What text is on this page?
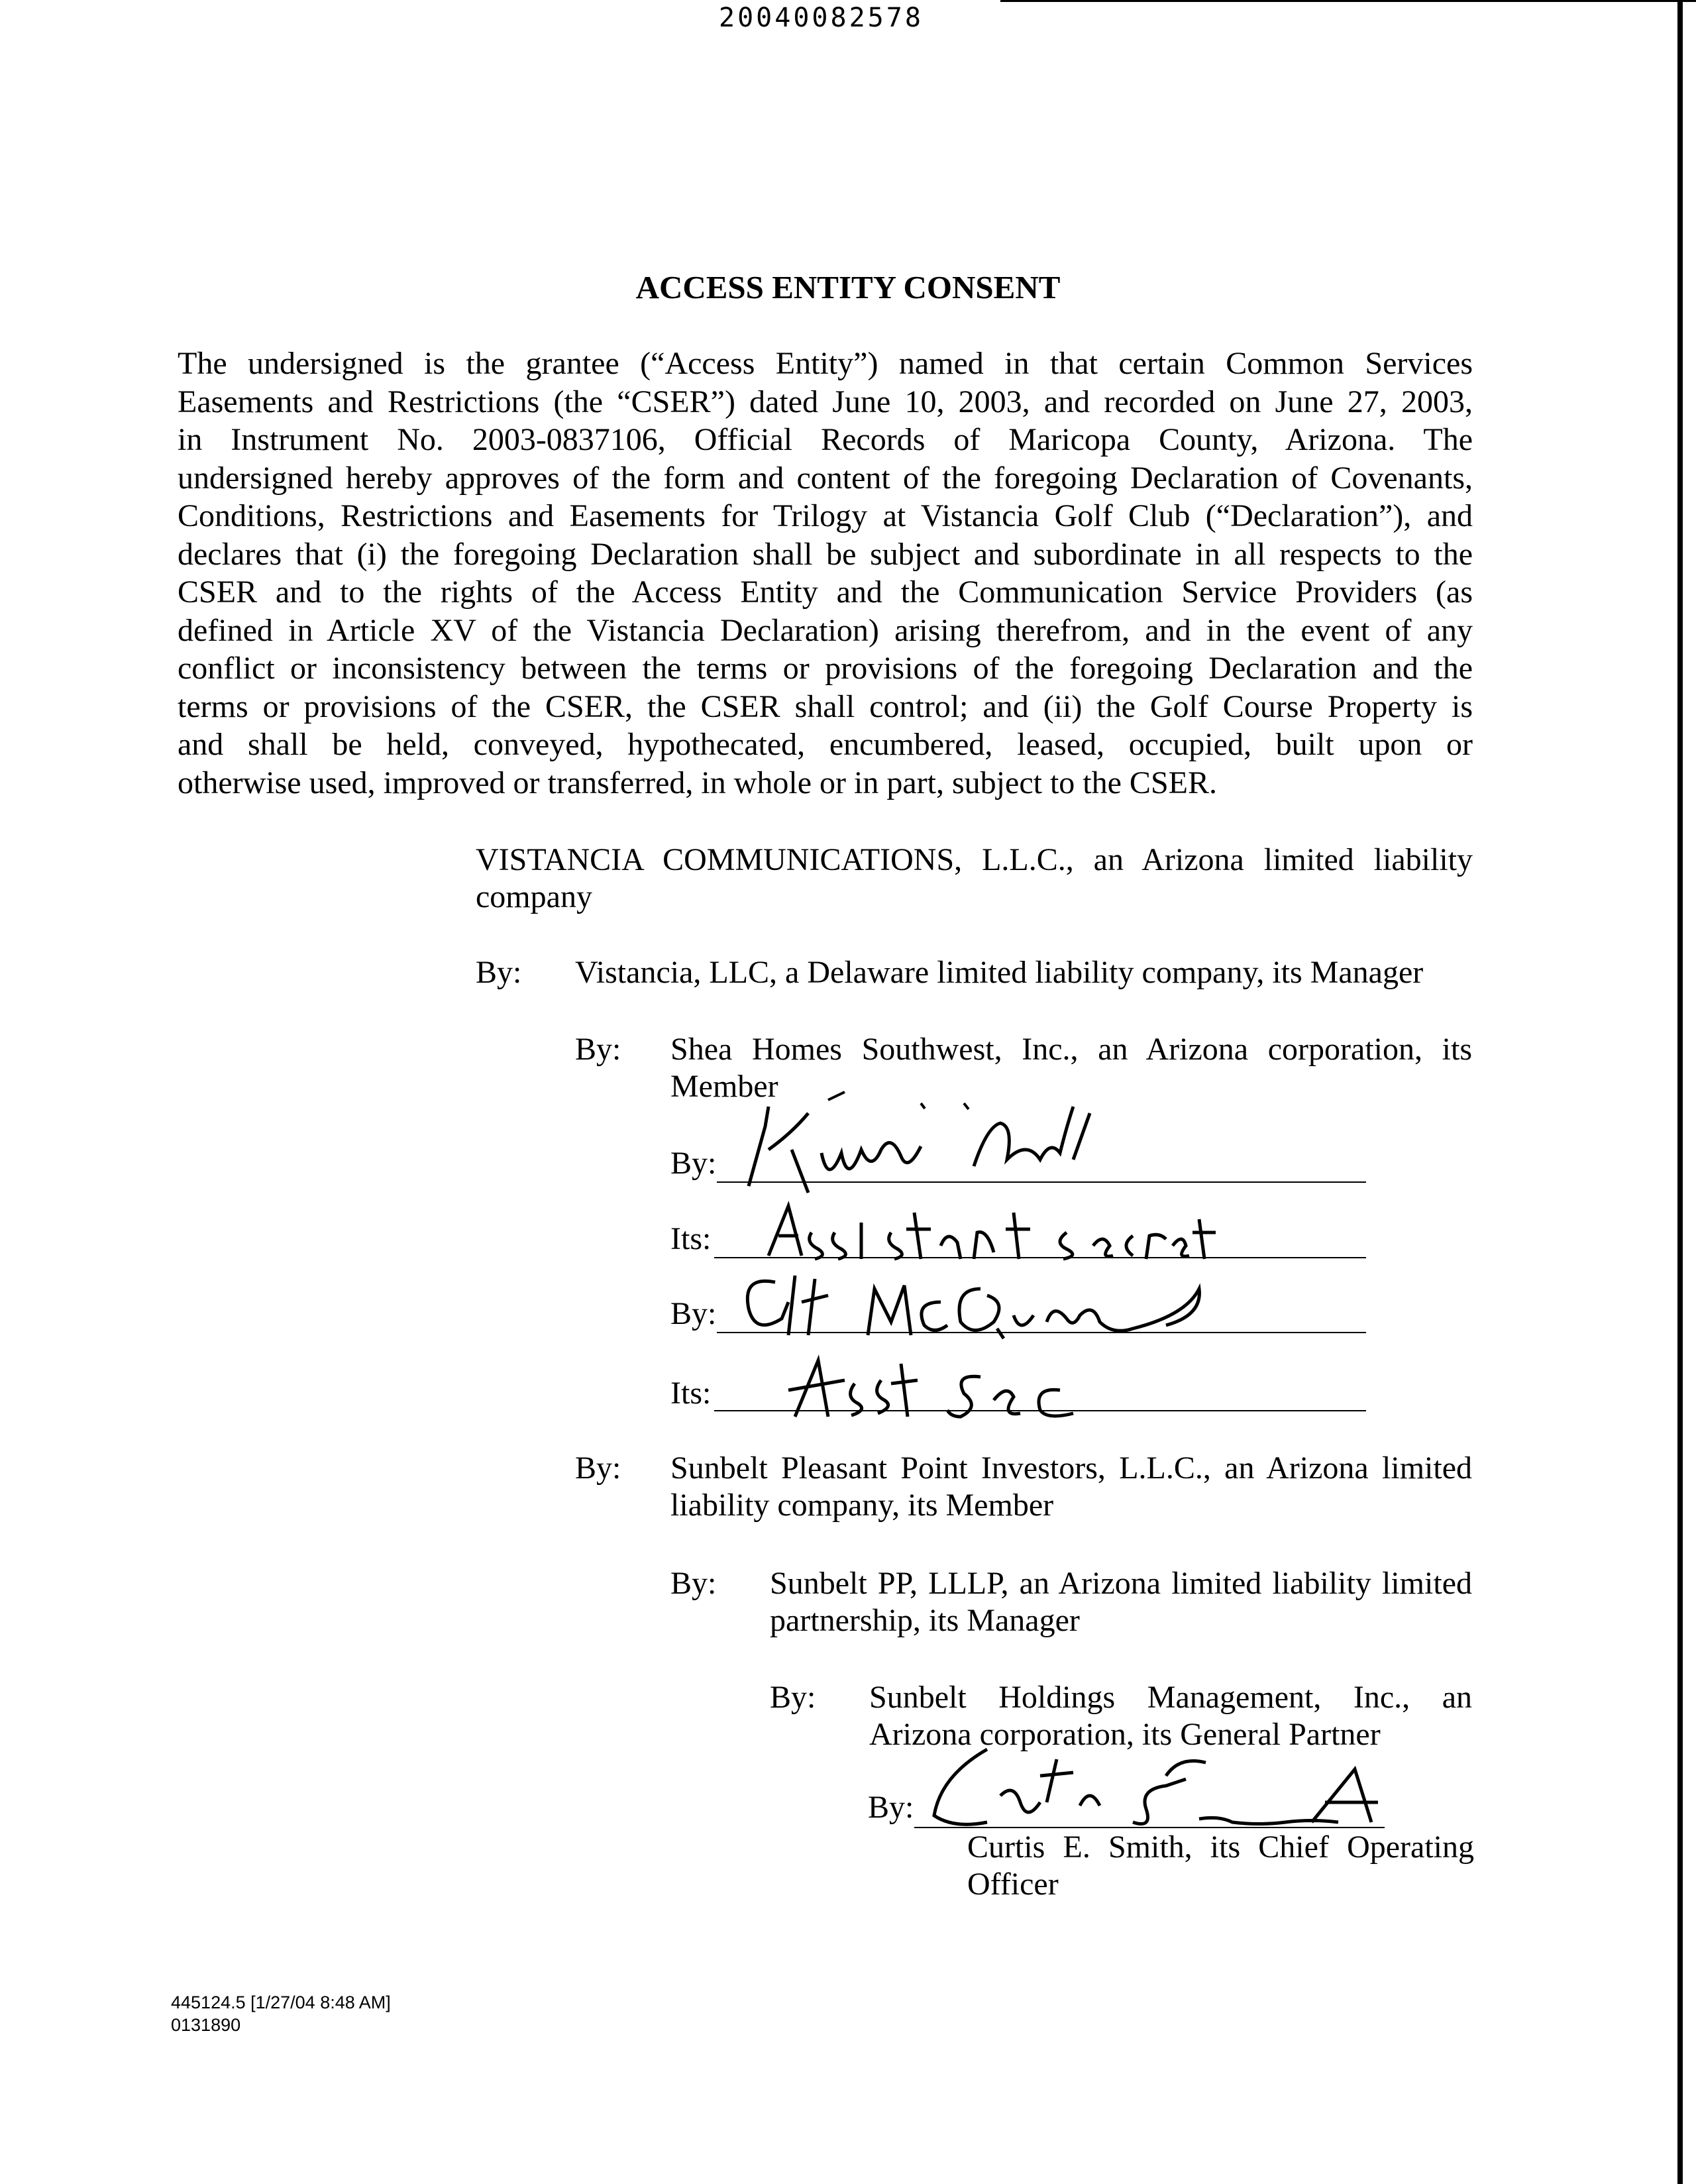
20040082578
ACCESS ENTITY CONSENT
The undersigned is the grantee (“Access Entity”) named in that certain Common Services
Easements and Restrictions (the “CSER”) dated June 10, 2003, and recorded on June 27, 2003,
in Instrument No. 2003-0837106, Official Records of Maricopa County, Arizona. The
undersigned hereby approves of the form and content of the foregoing Declaration of Covenants,
Conditions, Restrictions and Easements for Trilogy at Vistancia Golf Club (“Declaration”), and
declares that (i) the foregoing Declaration shall be subject and subordinate in all respects to the
CSER and to the rights of the Access Entity and the Communication Service Providers (as
defined in Article XV of the Vistancia Declaration) arising therefrom, and in the event of any
conflict or inconsistency between the terms or provisions of the foregoing Declaration and the
terms or provisions of the CSER, the CSER shall control; and (ii) the Golf Course Property is
and shall be held, conveyed, hypothecated, encumbered, leased, occupied, built upon or
otherwise used, improved or transferred, in whole or in part, subject to the CSER.
VISTANCIA COMMUNICATIONS, L.L.C., an Arizona limited liability company
By: Vistancia, LLC, a Delaware limited liability company, its Manager
By: Shea Homes Southwest, Inc., an Arizona corporation, its Member
By:
Its:
By:
Its:
By: Sunbelt Pleasant Point Investors, L.L.C., an Arizona limited liability company, its Member
By: Sunbelt PP, LLLP, an Arizona limited liability limited partnership, its Manager
By: Sunbelt Holdings Management, Inc., an Arizona corporation, its General Partner
By:
Curtis E. Smith, its Chief Operating Officer
445124.5 [1/27/04 8:48 AM]
0131890
